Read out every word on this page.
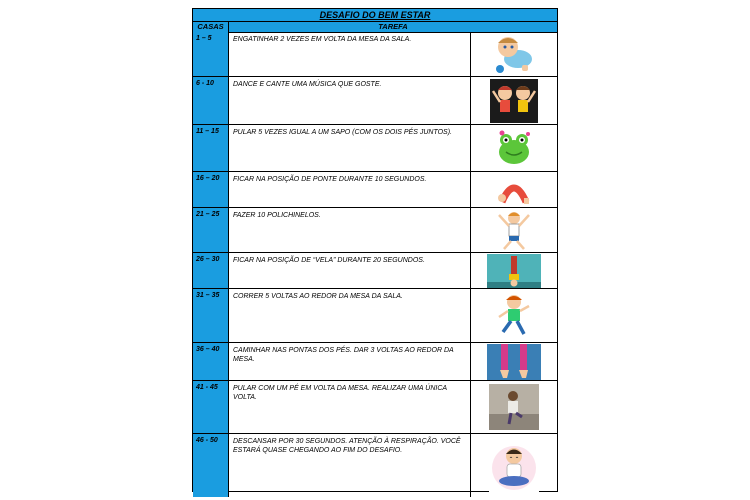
DESAFIO DO BEM ESTAR
CASAS	TAREFA
1 – 5	ENGATINHAR 2 VEZES EM VOLTA DA MESA DA SALA.
6 - 10	DANCE E CANTE UMA MÚSICA QUE GOSTE.
11 – 15	PULAR 5 VEZES IGUAL A UM SAPO (COM OS DOIS PÉS JUNTOS).
16 – 20	FICAR NA POSIÇÃO DE PONTE DURANTE 10 SEGUNDOS.
21 – 25	FAZER 10 POLICHINELOS.
26 – 30	FICAR NA POSIÇÃO DE “VELA” DURANTE 20 SEGUNDOS.
31 – 35	CORRER 5 VOLTAS AO REDOR DA MESA DA SALA.
36 – 40	CAMINHAR NAS PONTAS DOS PÉS. DAR 3 VOLTAS AO REDOR DA MESA.
41 - 45	PULAR COM UM PÉ EM VOLTA DA MESA. REALIZAR UMA ÚNICA VOLTA.
46 - 50	DESCANSAR POR 30 SEGUNDOS. ATENÇÃO À RESPIRAÇÃO. VOCÊ ESTARÁ QUASE CHEGANDO AO FIM DO DESAFIO.
